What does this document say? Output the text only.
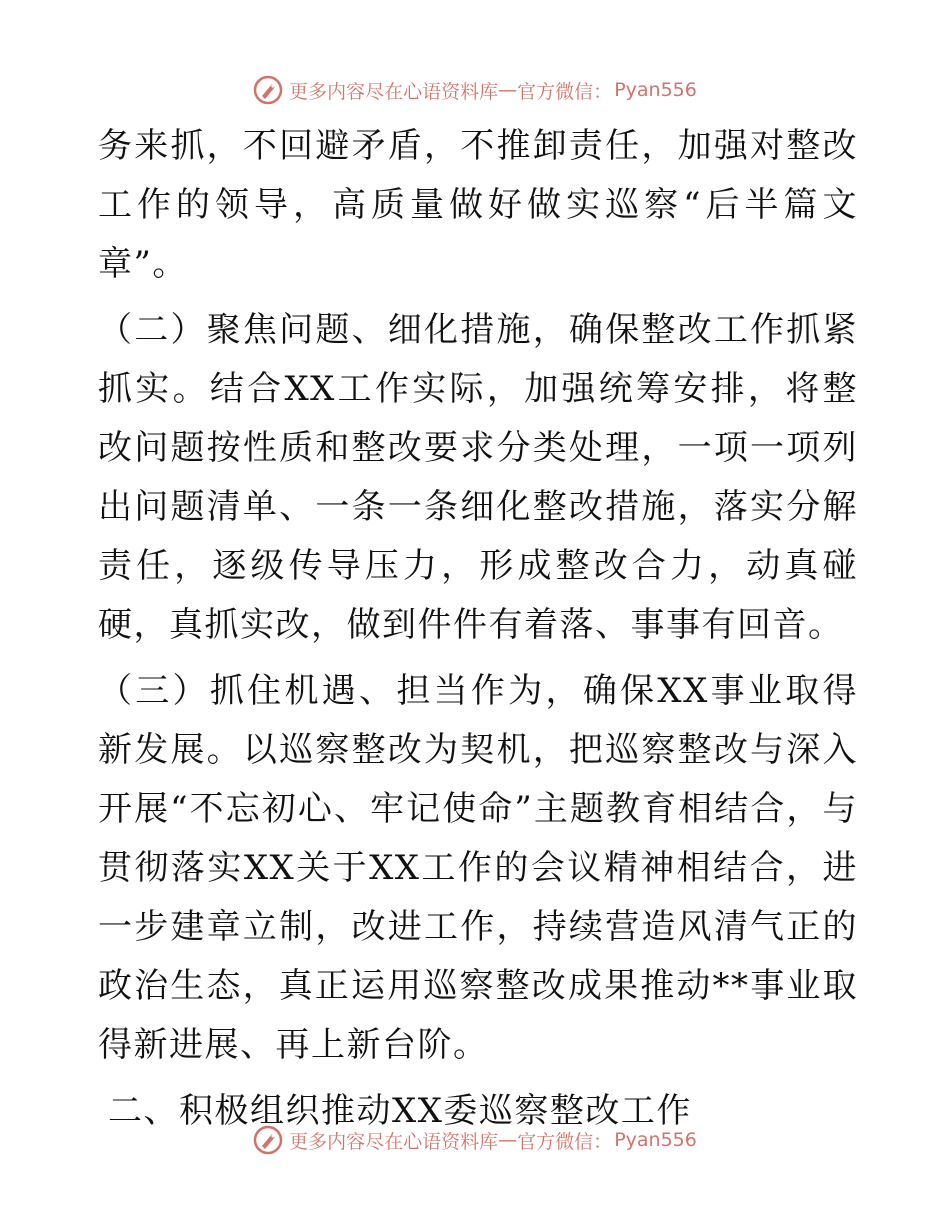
更多内容尽在心语资料库 — 官方微信： Pyan556

务来抓，不回避矛盾，不推卸责任，加强对整改工作的领导，高质量做好做实巡察“后半篇文章”。

（二）聚焦问题、细化措施，确保整改工作抓紧抓实。结合XX工作实际，加强统筹安排，将整改问题按性质和整改要求分类处理，一项一项列出问题清单、一条一条细化整改措施，落实分解责任，逐级传导压力，形成整改合力，动真碰硬，真抓实改，做到件件有着落、事事有回音。

（三）抓住机遇、担当作为，确保XX事业取得新发展。以巡察整改为契机，把巡察整改与深入开展“不忘初心、牢记使命”主题教育相结合，与贯彻落实XX关于XX工作的会议精神相结合，进一步建章立制，改进工作，持续营造风清气正的政治生态，真正运用巡察整改成果推动**事业取得新进展、再上新台阶。

二、积极组织推动XX委巡察整改工作

更多内容尽在心语资料库 — 官方微信： Pyan556
